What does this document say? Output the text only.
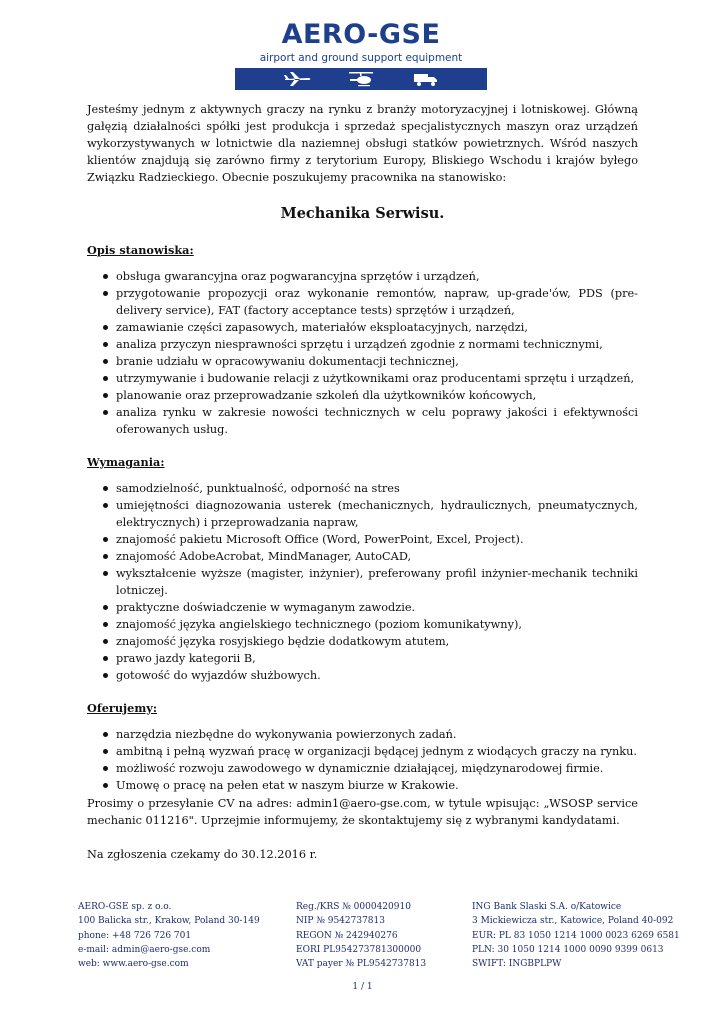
AERO-GSE
airport and ground support equipment

Jesteśmy jednym z aktywnych graczy na rynku z branży motoryzacyjnej i lotniskowej. Główną gałęzią działalności spółki jest produkcja i sprzedaż specjalistycznych maszyn oraz urządzeń wykorzystywanych w lotnictwie dla naziemnej obsługi statków powietrznych. Wśród naszych klientów znajdują się zarówno firmy z terytorium Europy, Bliskiego Wschodu i krajów byłego Związku Radzieckiego. Obecnie poszukujemy pracownika na stanowisko:

Mechanika Serwisu.

Opis stanowiska:

obsługa gwarancyjna oraz pogwarancyjna sprzętów i urządzeń,
przygotowanie propozycji oraz wykonanie remontów, napraw, up-grade'ów, PDS (pre-delivery service), FAT (factory acceptance tests) sprzętów i urządzeń,
zamawianie części zapasowych, materiałów eksploatacyjnych, narzędzi,
analiza przyczyn niesprawności sprzętu i urządzeń zgodnie z normami technicznymi,
branie udziału w opracowywaniu dokumentacji technicznej,
utrzymywanie i budowanie relacji z użytkownikami oraz producentami sprzętu i urządzeń,
planowanie oraz przeprowadzanie szkoleń dla użytkowników końcowych,
analiza rynku w zakresie nowości technicznych w celu poprawy jakości i efektywności oferowanych usług.

Wymagania:

samodzielność, punktualność, odporność na stres
umiejętności diagnozowania usterek (mechanicznych, hydraulicznych, pneumatycznych, elektrycznych) i przeprowadzania napraw,
znajomość pakietu Microsoft Office (Word, PowerPoint, Excel, Project).
znajomość AdobeAcrobat, MindManager, AutoCAD,
wykształcenie wyższe (magister, inżynier), preferowany profil inżynier-mechanik techniki lotniczej.
praktyczne doświadczenie w wymaganym zawodzie.
znajomość języka angielskiego technicznego (poziom komunikatywny),
znajomość języka rosyjskiego będzie dodatkowym atutem,
prawo jazdy kategorii B,
gotowość do wyjazdów służbowych.

Oferujemy:

narzędzia niezbędne do wykonywania powierzonych zadań.
ambitną i pełną wyzwań pracę w organizacji będącej jednym z wiodących graczy na rynku.
możliwość rozwoju zawodowego w dynamicznie działającej, międzynarodowej firmie.
Umowę o pracę na pełen etat w naszym biurze w Krakowie.

Prosimy o przesyłanie CV na adres: admin1@aero-gse.com, w tytule wpisując: „WSOSP service mechanic 011216". Uprzejmie informujemy, że skontaktujemy się z wybranymi kandydatami.

Na zgłoszenia czekamy do 30.12.2016 r.

AERO-GSE sp. z o.o.
100 Balicka str., Krakow, Poland 30-149
phone: +48 726 726 701
e-mail: admin@aero-gse.com
web: www.aero-gse.com
Reg./KRS № 0000420910
NIP № 9542737813
REGON № 242940276
EORI PL954273781300000
VAT payer № PL9542737813
ING Bank Slaski S.A. o/Katowice
3 Mickiewicza str., Katowice, Poland 40-092
EUR: PL 83 1050 1214 1000 0023 6269 6581
PLN: 30 1050 1214 1000 0090 9399 0613
SWIFT: INGBPLPW
1 / 1
